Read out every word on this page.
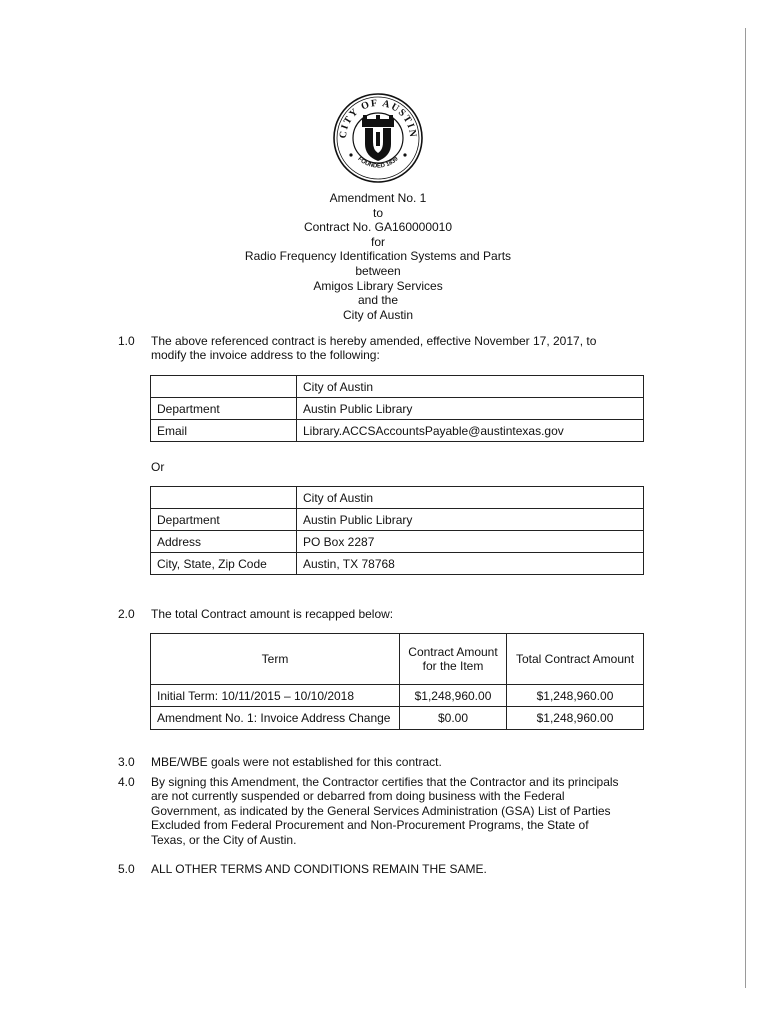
CITY OF AUSTIN
FOUNDED 1839
Amendment No. 1
to
Contract No. GA160000010
for
Radio Frequency Identification Systems and Parts
between
Amigos Library Services
and the
City of Austin
1.0 The above referenced contract is hereby amended, effective November 17, 2017, to modify the invoice address to the following:
	City of Austin
Department	Austin Public Library
Email	Library.ACCSAccountsPayable@austintexas.gov
Or
	City of Austin
Department	Austin Public Library
Address	PO Box 2287
City, State, Zip Code	Austin, TX 78768
2.0 The total Contract amount is recapped below:
Term	Contract Amount for the Item	Total Contract Amount
Initial Term: 10/11/2015 – 10/10/2018	$1,248,960.00	$1,248,960.00
Amendment No. 1: Invoice Address Change	$0.00	$1,248,960.00
3.0 MBE/WBE goals were not established for this contract.
4.0 By signing this Amendment, the Contractor certifies that the Contractor and its principals are not currently suspended or debarred from doing business with the Federal Government, as indicated by the General Services Administration (GSA) List of Parties Excluded from Federal Procurement and Non-Procurement Programs, the State of Texas, or the City of Austin.
5.0 ALL OTHER TERMS AND CONDITIONS REMAIN THE SAME.
